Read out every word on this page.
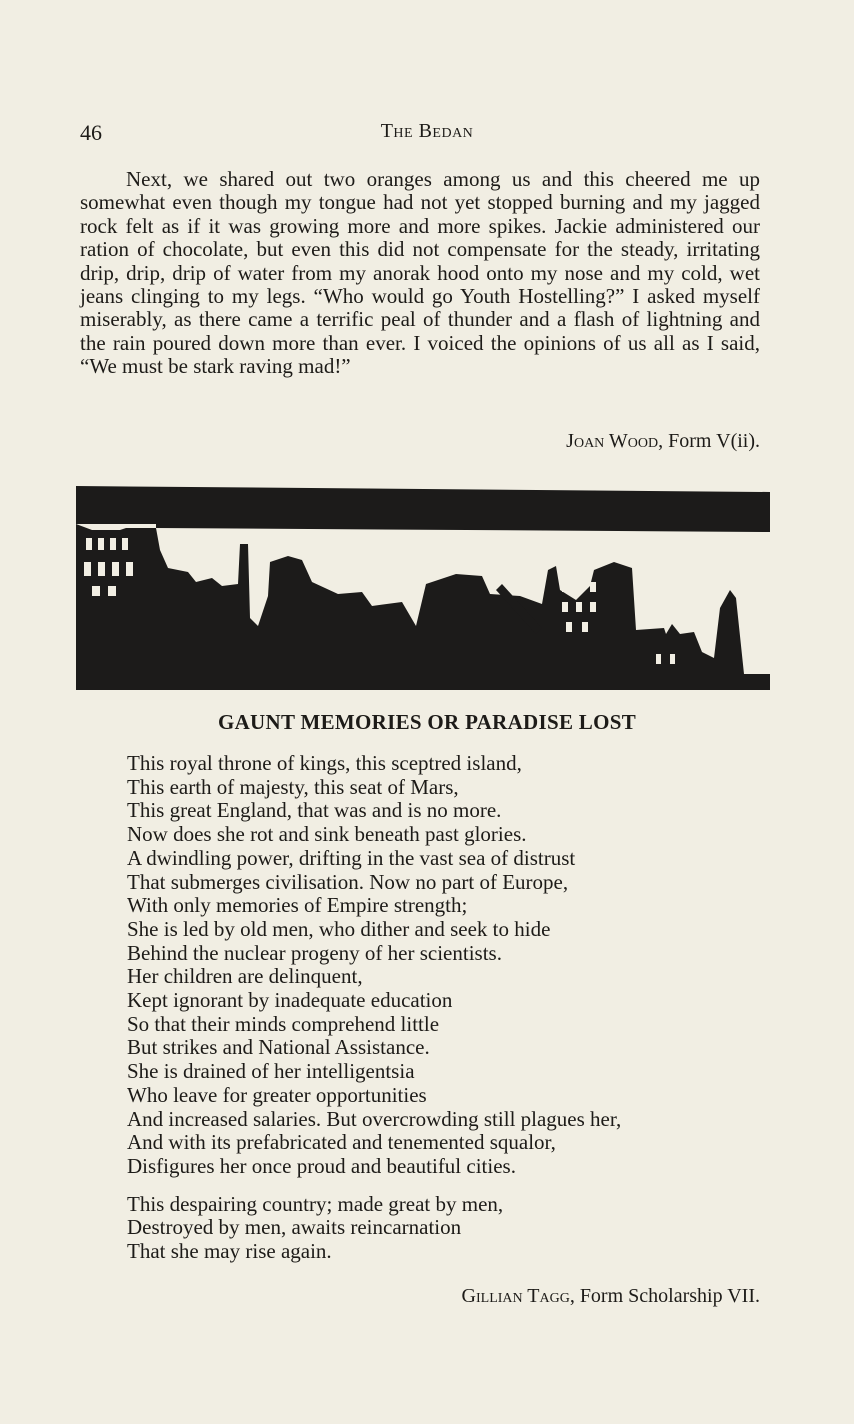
46	The Bedan

Next, we shared out two oranges among us and this cheered me up somewhat even though my tongue had not yet stopped burning and my jagged rock felt as if it was growing more and more spikes. Jackie administered our ration of chocolate, but even this did not compensate for the steady, irritating drip, drip, drip of water from my anorak hood onto my nose and my cold, wet jeans clinging to my legs. “Who would go Youth Hostelling?” I asked myself miserably, as there came a terrific peal of thunder and a flash of lightning and the rain poured down more than ever. I voiced the opinions of us all as I said, “We must be stark raving mad!”

Joan Wood, Form V(ii).
GAUNT MEMORIES OR PARADISE LOST
This royal throne of kings, this sceptred island,
This earth of majesty, this seat of Mars,
This great England, that was and is no more.
Now does she rot and sink beneath past glories.
A dwindling power, drifting in the vast sea of distrust
That submerges civilisation. Now no part of Europe,
With only memories of Empire strength;
She is led by old men, who dither and seek to hide
Behind the nuclear progeny of her scientists.
Her children are delinquent,
Kept ignorant by inadequate education
So that their minds comprehend little
But strikes and National Assistance.
She is drained of her intelligentsia
Who leave for greater opportunities
And increased salaries. But overcrowding still plagues her,
And with its prefabricated and tenemented squalor,
Disfigures her once proud and beautiful cities.
This despairing country; made great by men,
Destroyed by men, awaits reincarnation
That she may rise again.
Gillian Tagg, Form Scholarship VII.
